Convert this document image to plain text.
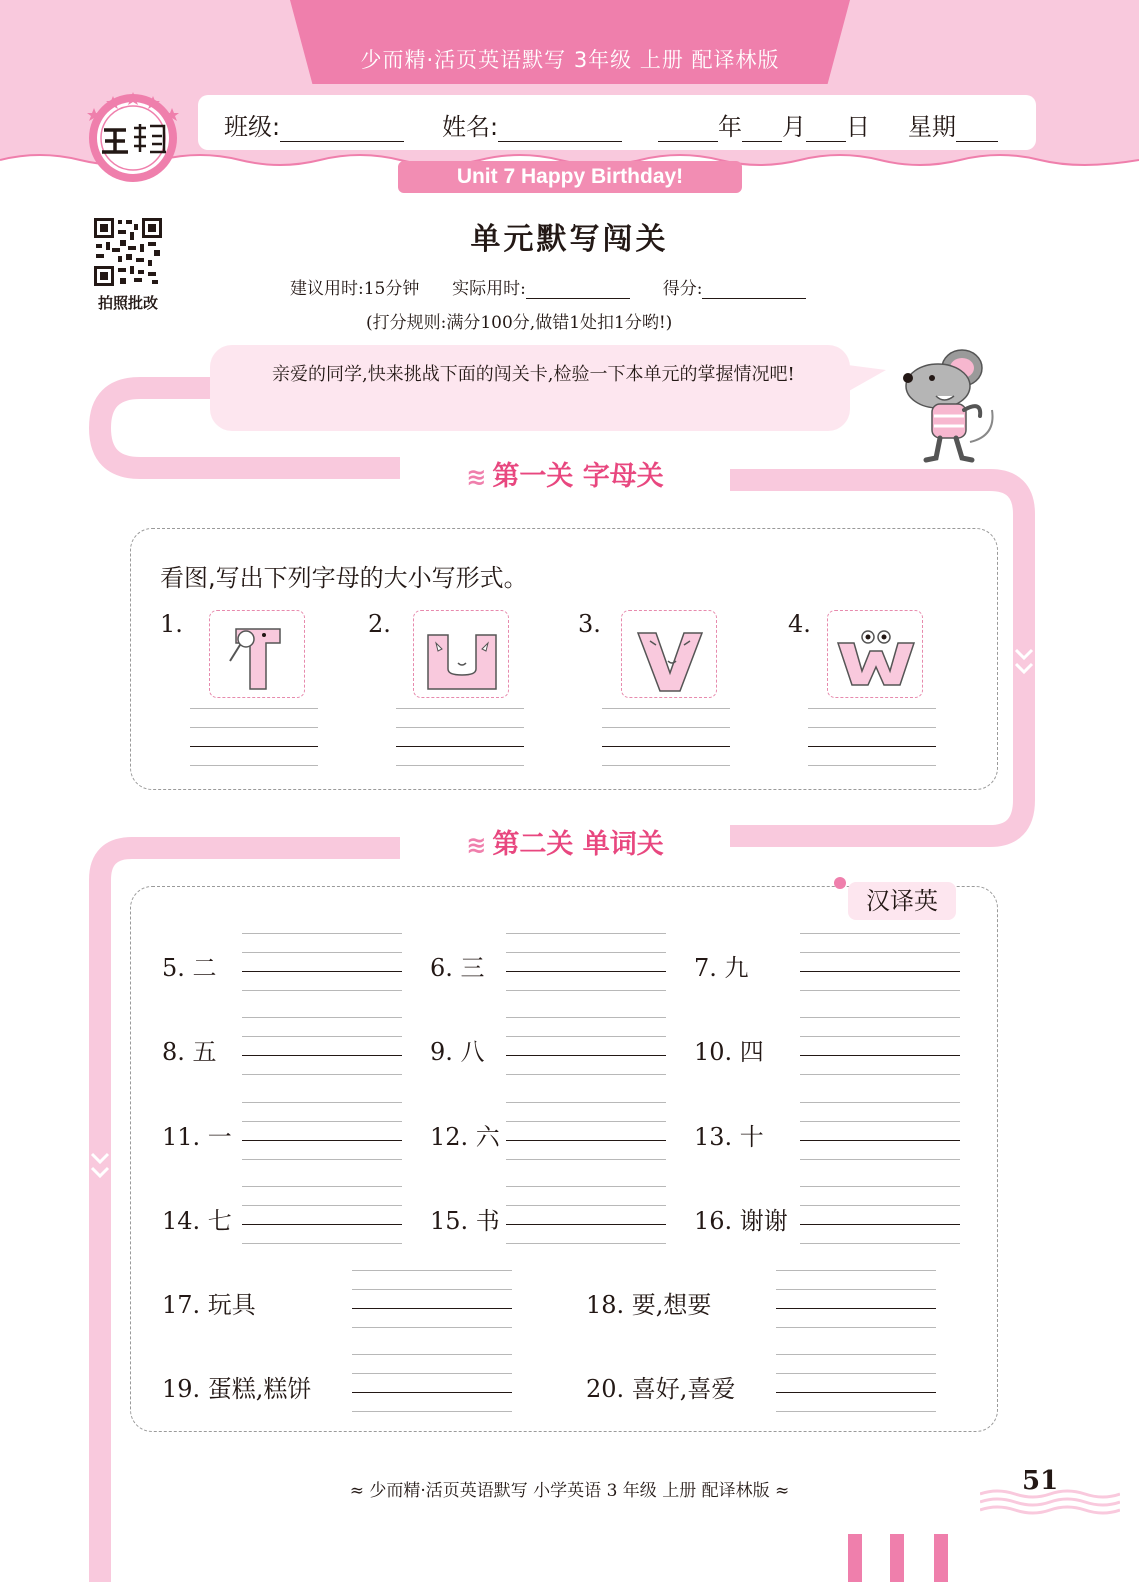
少而精·活页英语默写 3年级 上册 配译林版
班级:	姓名:	年 月 日 星期
Unit 7 Happy Birthday!
拍照批改
单元默写闯关
建议用时:15分钟 实际用时:	得分:
(打分规则:满分100分,做错1处扣1分哟!)
亲爱的同学,快来挑战下面的闯关卡,检验一下本单元的掌握情况吧!
≋ 第一关 字母关
看图,写出下列字母的大小写形式。
1.	2.	3.	4.
≋ 第二关 单词关
汉译英
5. 二	6. 三	7. 九
8. 五	9. 八	10. 四
11. 一	12. 六	13. 十
14. 七	15. 书	16. 谢谢
17. 玩具	18. 要,想要
19. 蛋糕,糕饼	20. 喜好,喜爱
≈ 少而精·活页英语默写 小学英语 3 年级 上册 配译林版 ≈	51
